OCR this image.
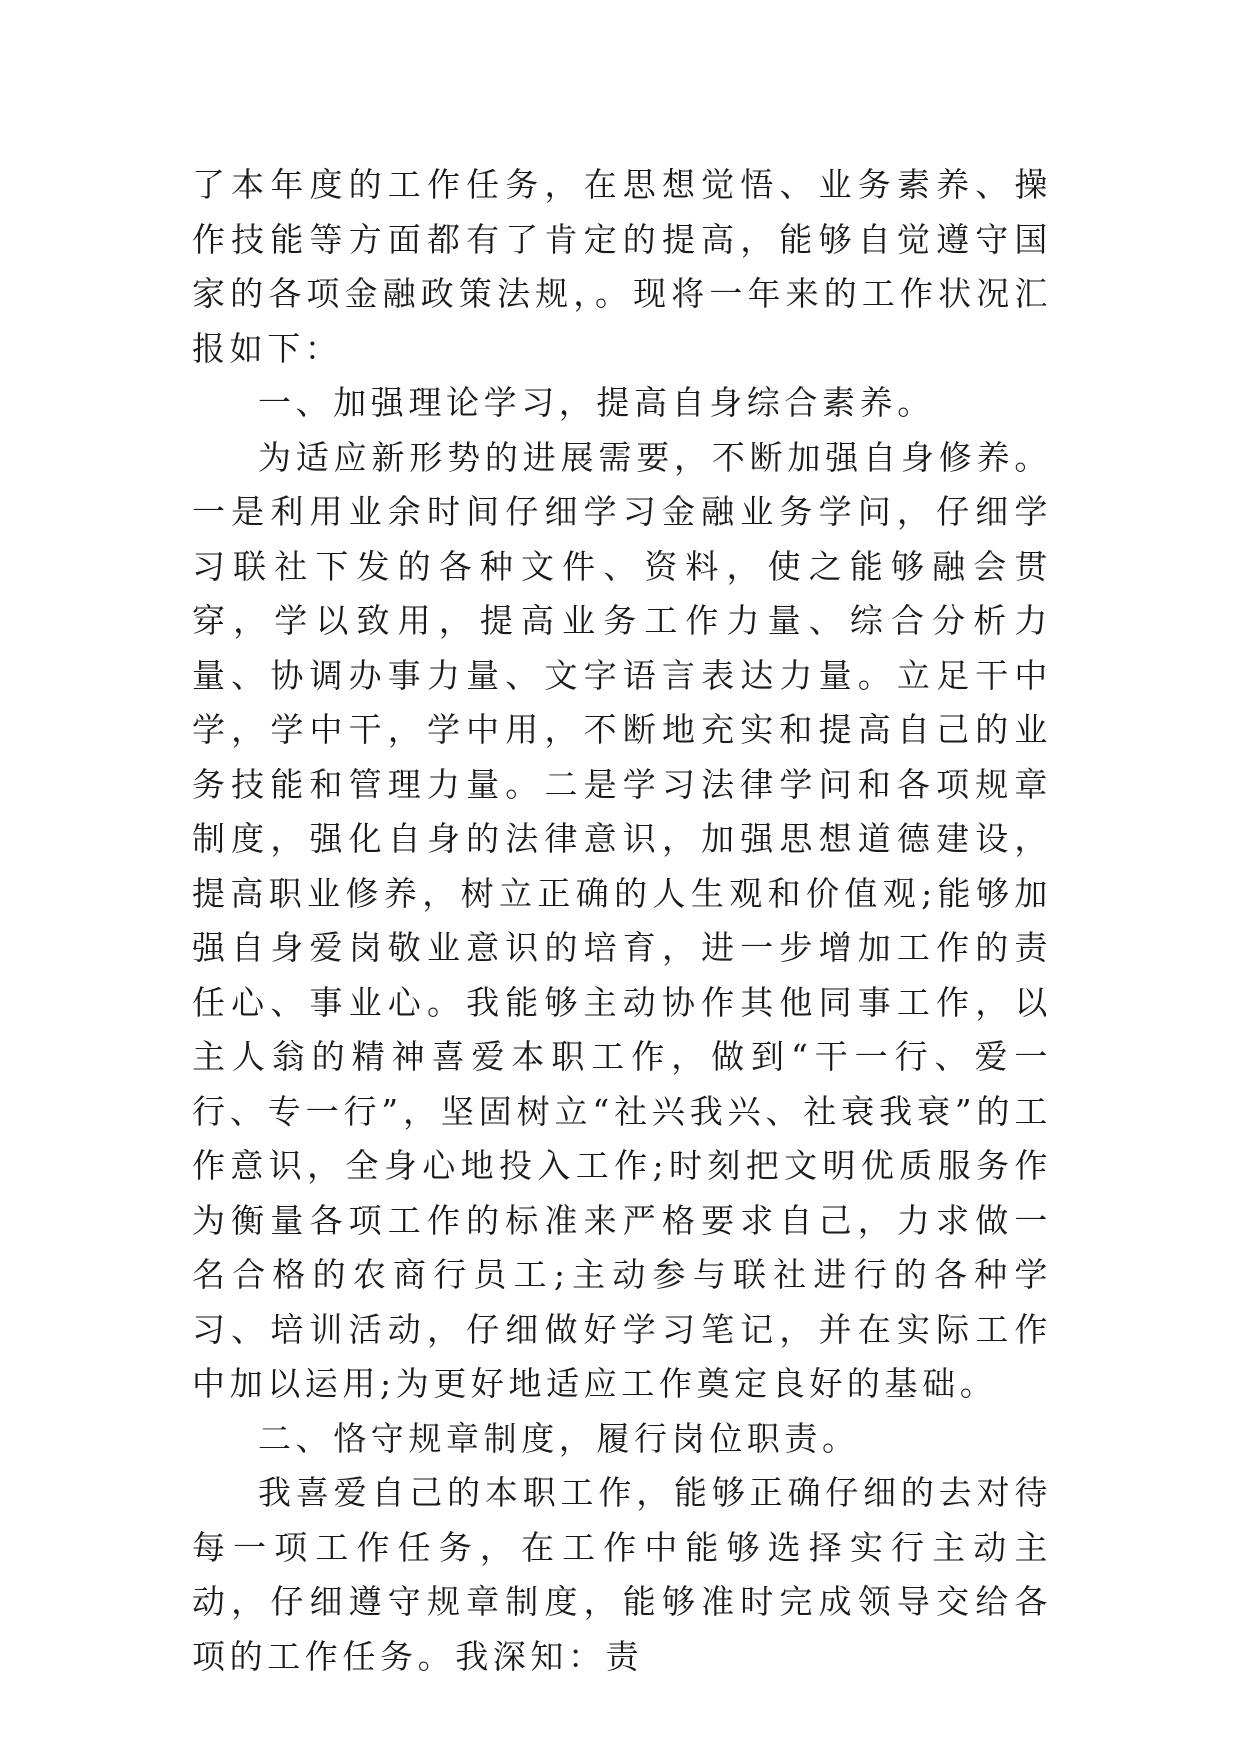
了本年度的工作任务，在思想觉悟、业务素养、操作技能等方面都有了肯定的提高，能够自觉遵守国家的各项金融政策法规，。现将一年来的工作状况汇报如下：

一、加强理论学习，提高自身综合素养。

为适应新形势的进展需要，不断加强自身修养。一是利用业余时间仔细学习金融业务学问，仔细学习联社下发的各种文件、资料，使之能够融会贯穿，学以致用，提高业务工作力量、综合分析力量、协调办事力量、文字语言表达力量。立足干中学，学中干，学中用，不断地充实和提高自己的业务技能和管理力量。二是学习法律学问和各项规章制度，强化自身的法律意识，加强思想道德建设，提高职业修养，树立正确的人生观和价值观;能够加强自身爱岗敬业意识的培育，进一步增加工作的责任心、事业心。我能够主动协作其他同事工作，以主人翁的精神喜爱本职工作，做到“干一行、爱一行、专一行”，坚固树立“社兴我兴、社衰我衰”的工作意识，全身心地投入工作;时刻把文明优质服务作为衡量各项工作的标准来严格要求自己，力求做一名合格的农商行员工;主动参与联社进行的各种学习、培训活动，仔细做好学习笔记，并在实际工作中加以运用;为更好地适应工作奠定良好的基础。

二、恪守规章制度，履行岗位职责。

我喜爱自己的本职工作，能够正确仔细的去对待每一项工作任务，在工作中能够选择实行主动主动，仔细遵守规章制度，能够准时完成领导交给各项的工作任务。我深知：责
